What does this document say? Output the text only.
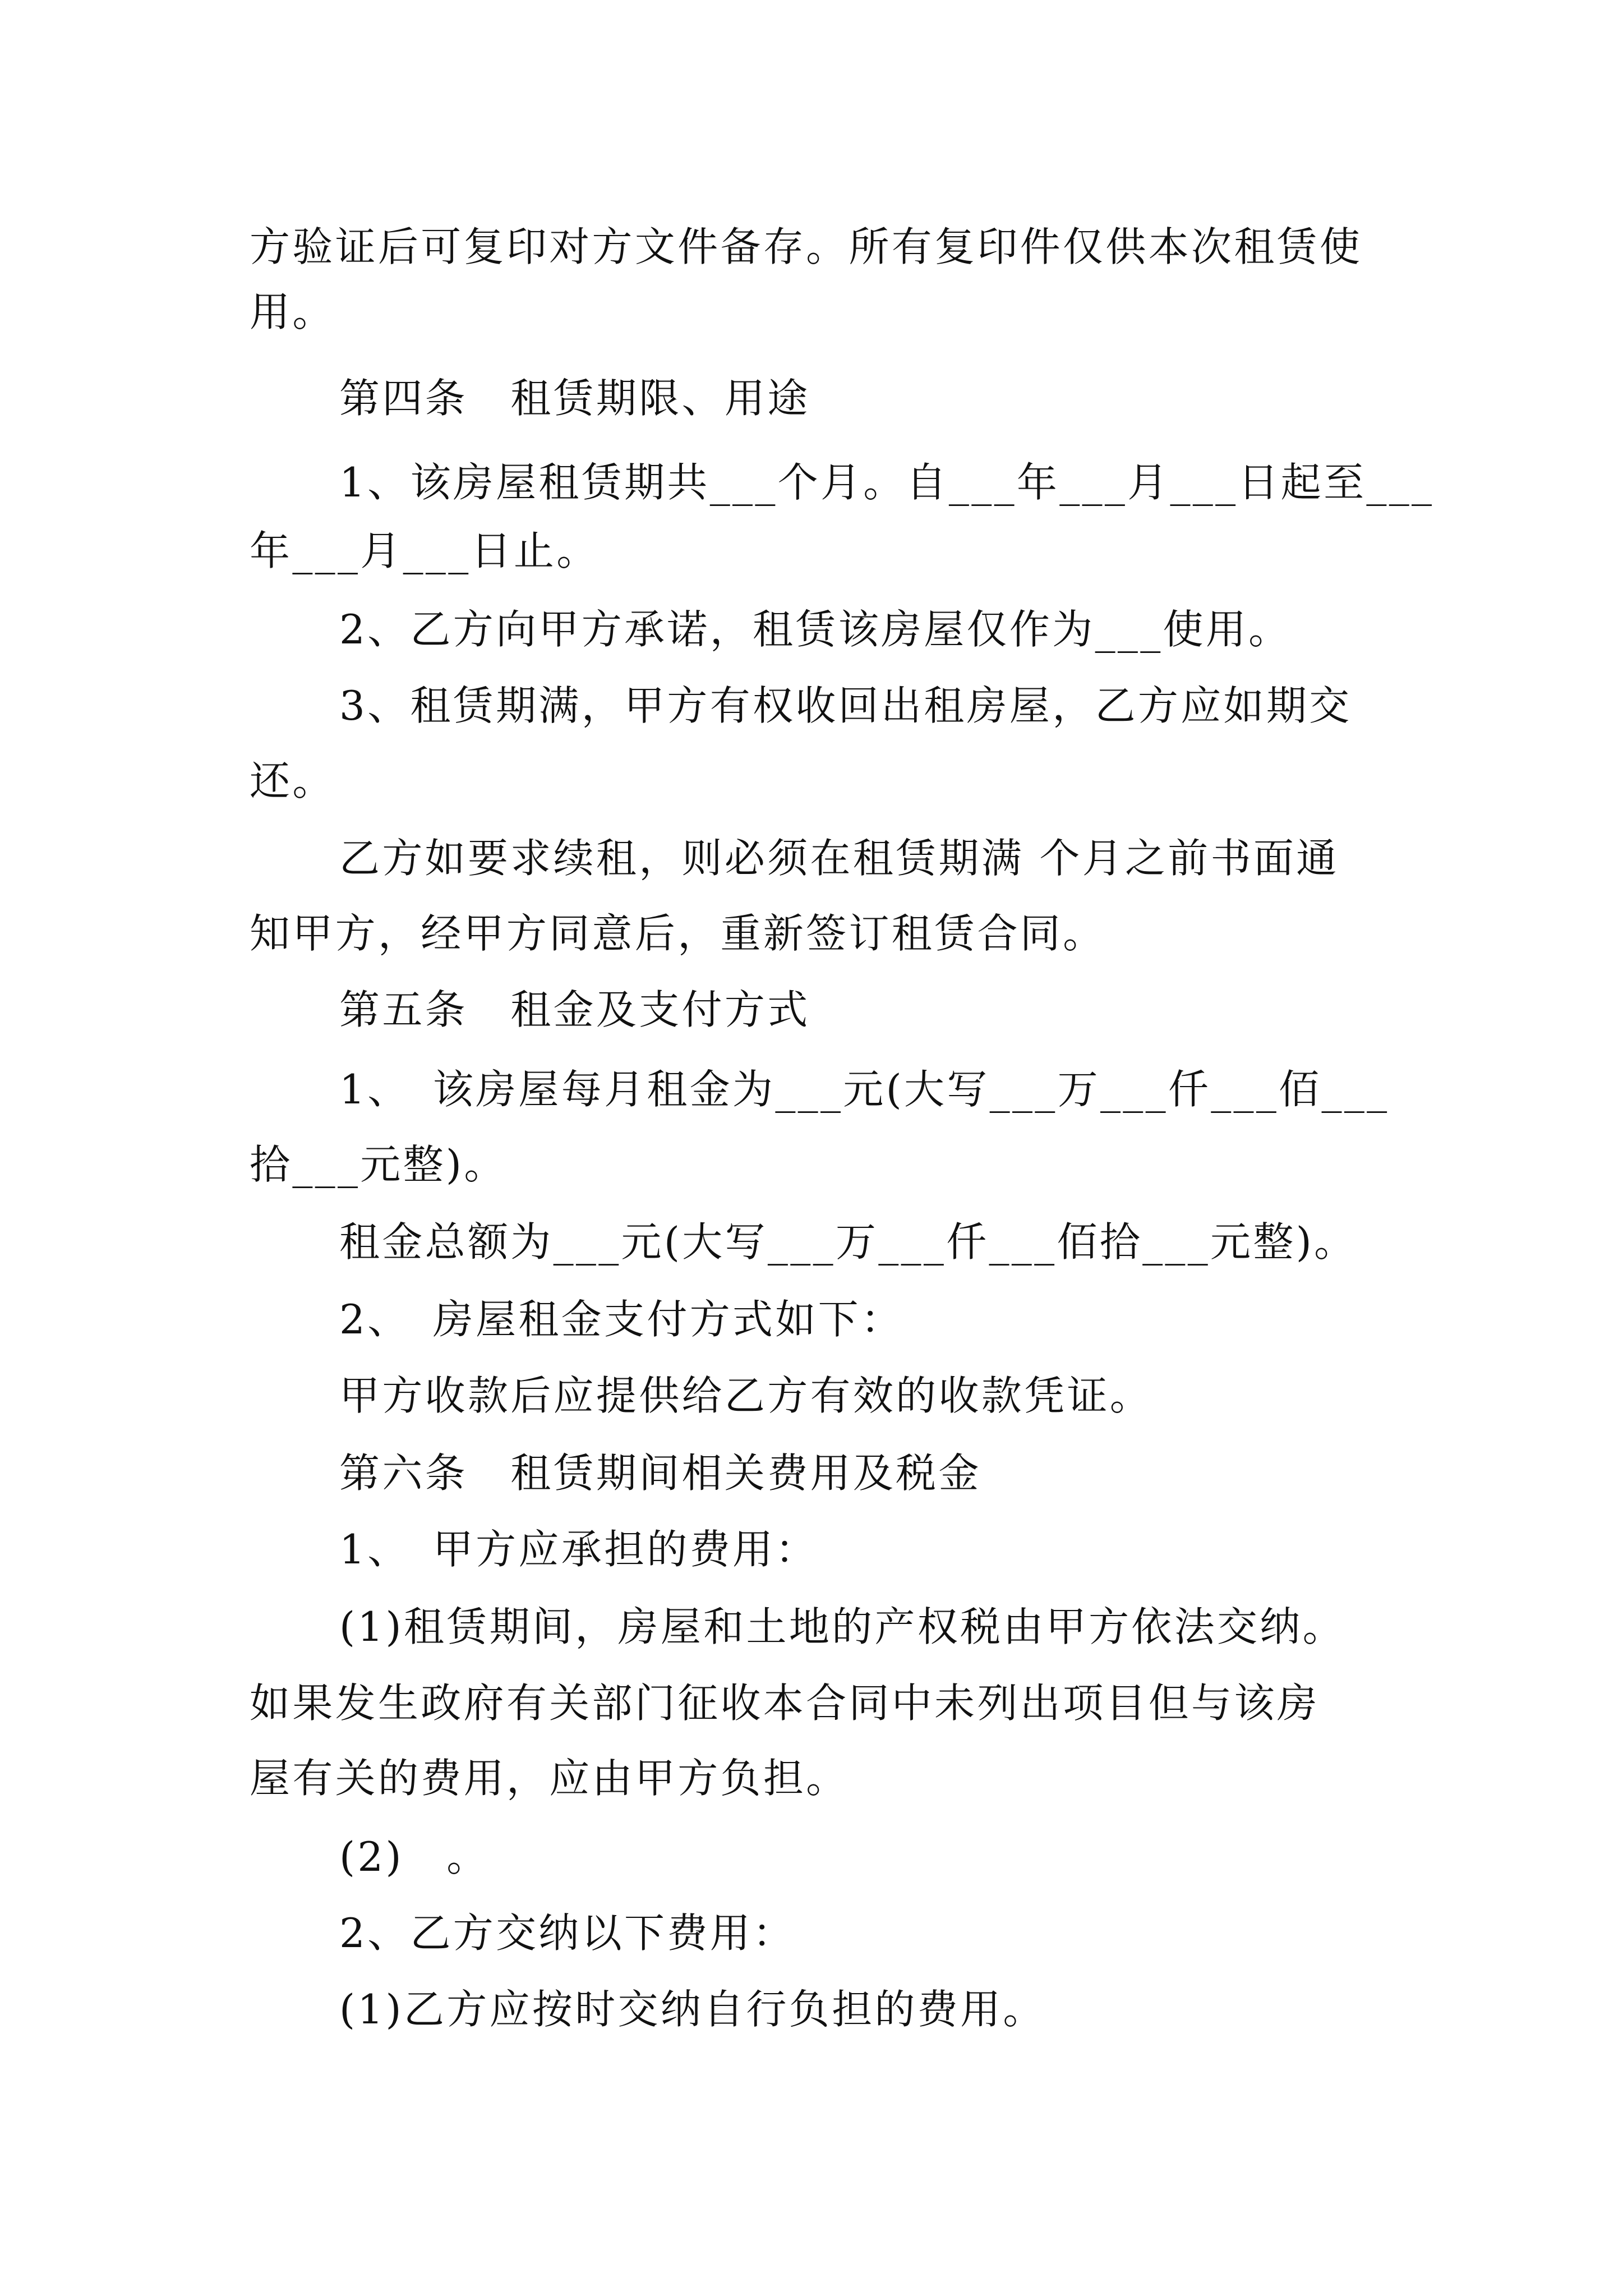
方验证后可复印对方文件备存。所有复印件仅供本次租赁使
用。
第四条　租赁期限、用途
1、该房屋租赁期共___个月。自___年___月___日起至___
年___月___日止。
2、乙方向甲方承诺，租赁该房屋仅作为___使用。
3、租赁期满，甲方有权收回出租房屋，乙方应如期交
还。
乙方如要求续租，则必须在租赁期满 个月之前书面通
知甲方，经甲方同意后，重新签订租赁合同。
第五条　租金及支付方式
1、　该房屋每月租金为___元(大写___万___仟___佰___
拾___元整)。
租金总额为___元(大写___万___仟___佰拾___元整)。
2、　房屋租金支付方式如下：
甲方收款后应提供给乙方有效的收款凭证。
第六条　租赁期间相关费用及税金
1、　甲方应承担的费用：
(1)租赁期间，房屋和土地的产权税由甲方依法交纳。
如果发生政府有关部门征收本合同中未列出项目但与该房
屋有关的费用，应由甲方负担。
(2)　。
2、乙方交纳以下费用：
(1)乙方应按时交纳自行负担的费用。
